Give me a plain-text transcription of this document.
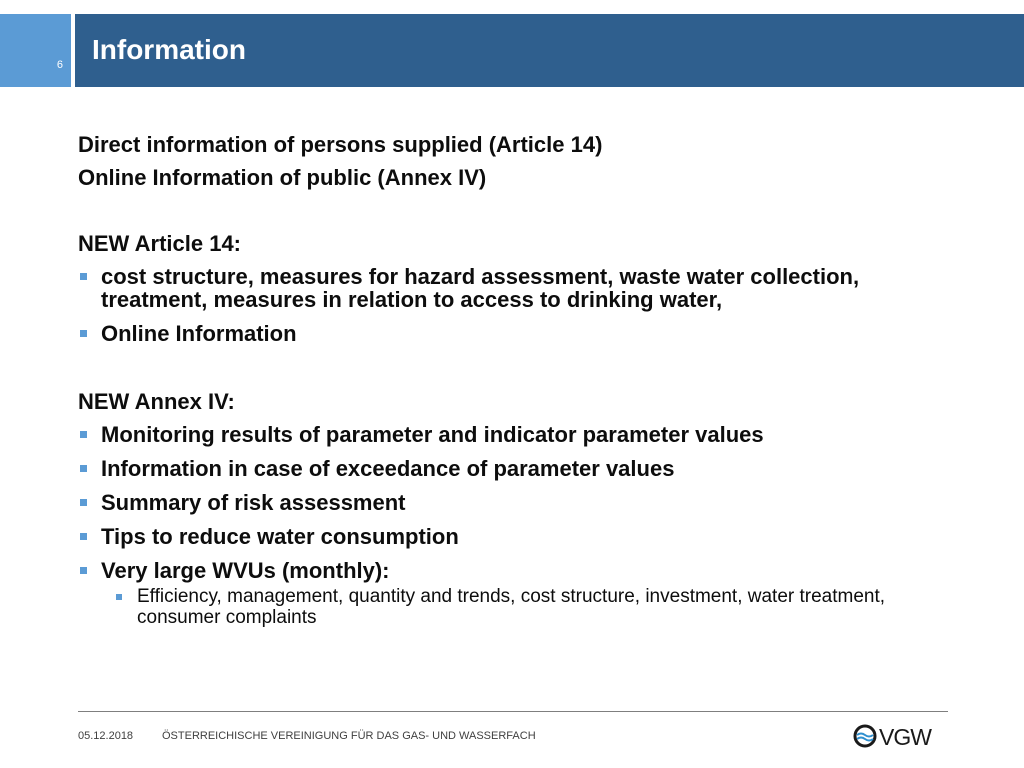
6 Information

Direct information of persons supplied (Article 14)

Online Information of public (Annex IV)

NEW Article 14:

cost structure, measures for hazard assessment, waste water collection, treatment, measures in relation to access to drinking water,
Online Information

NEW Annex IV:

Monitoring results of parameter and indicator parameter values
Information in case of exceedance of parameter values
Summary of risk assessment
Tips to reduce water consumption
Very large WVUs (monthly):
Efficiency, management, quantity and trends, cost structure, investment, water treatment, consumer complaints
05.12.2018	ÖSTERREICHISCHE VEREINIGUNG FÜR DAS GAS- UND WASSERFACH	VGW
